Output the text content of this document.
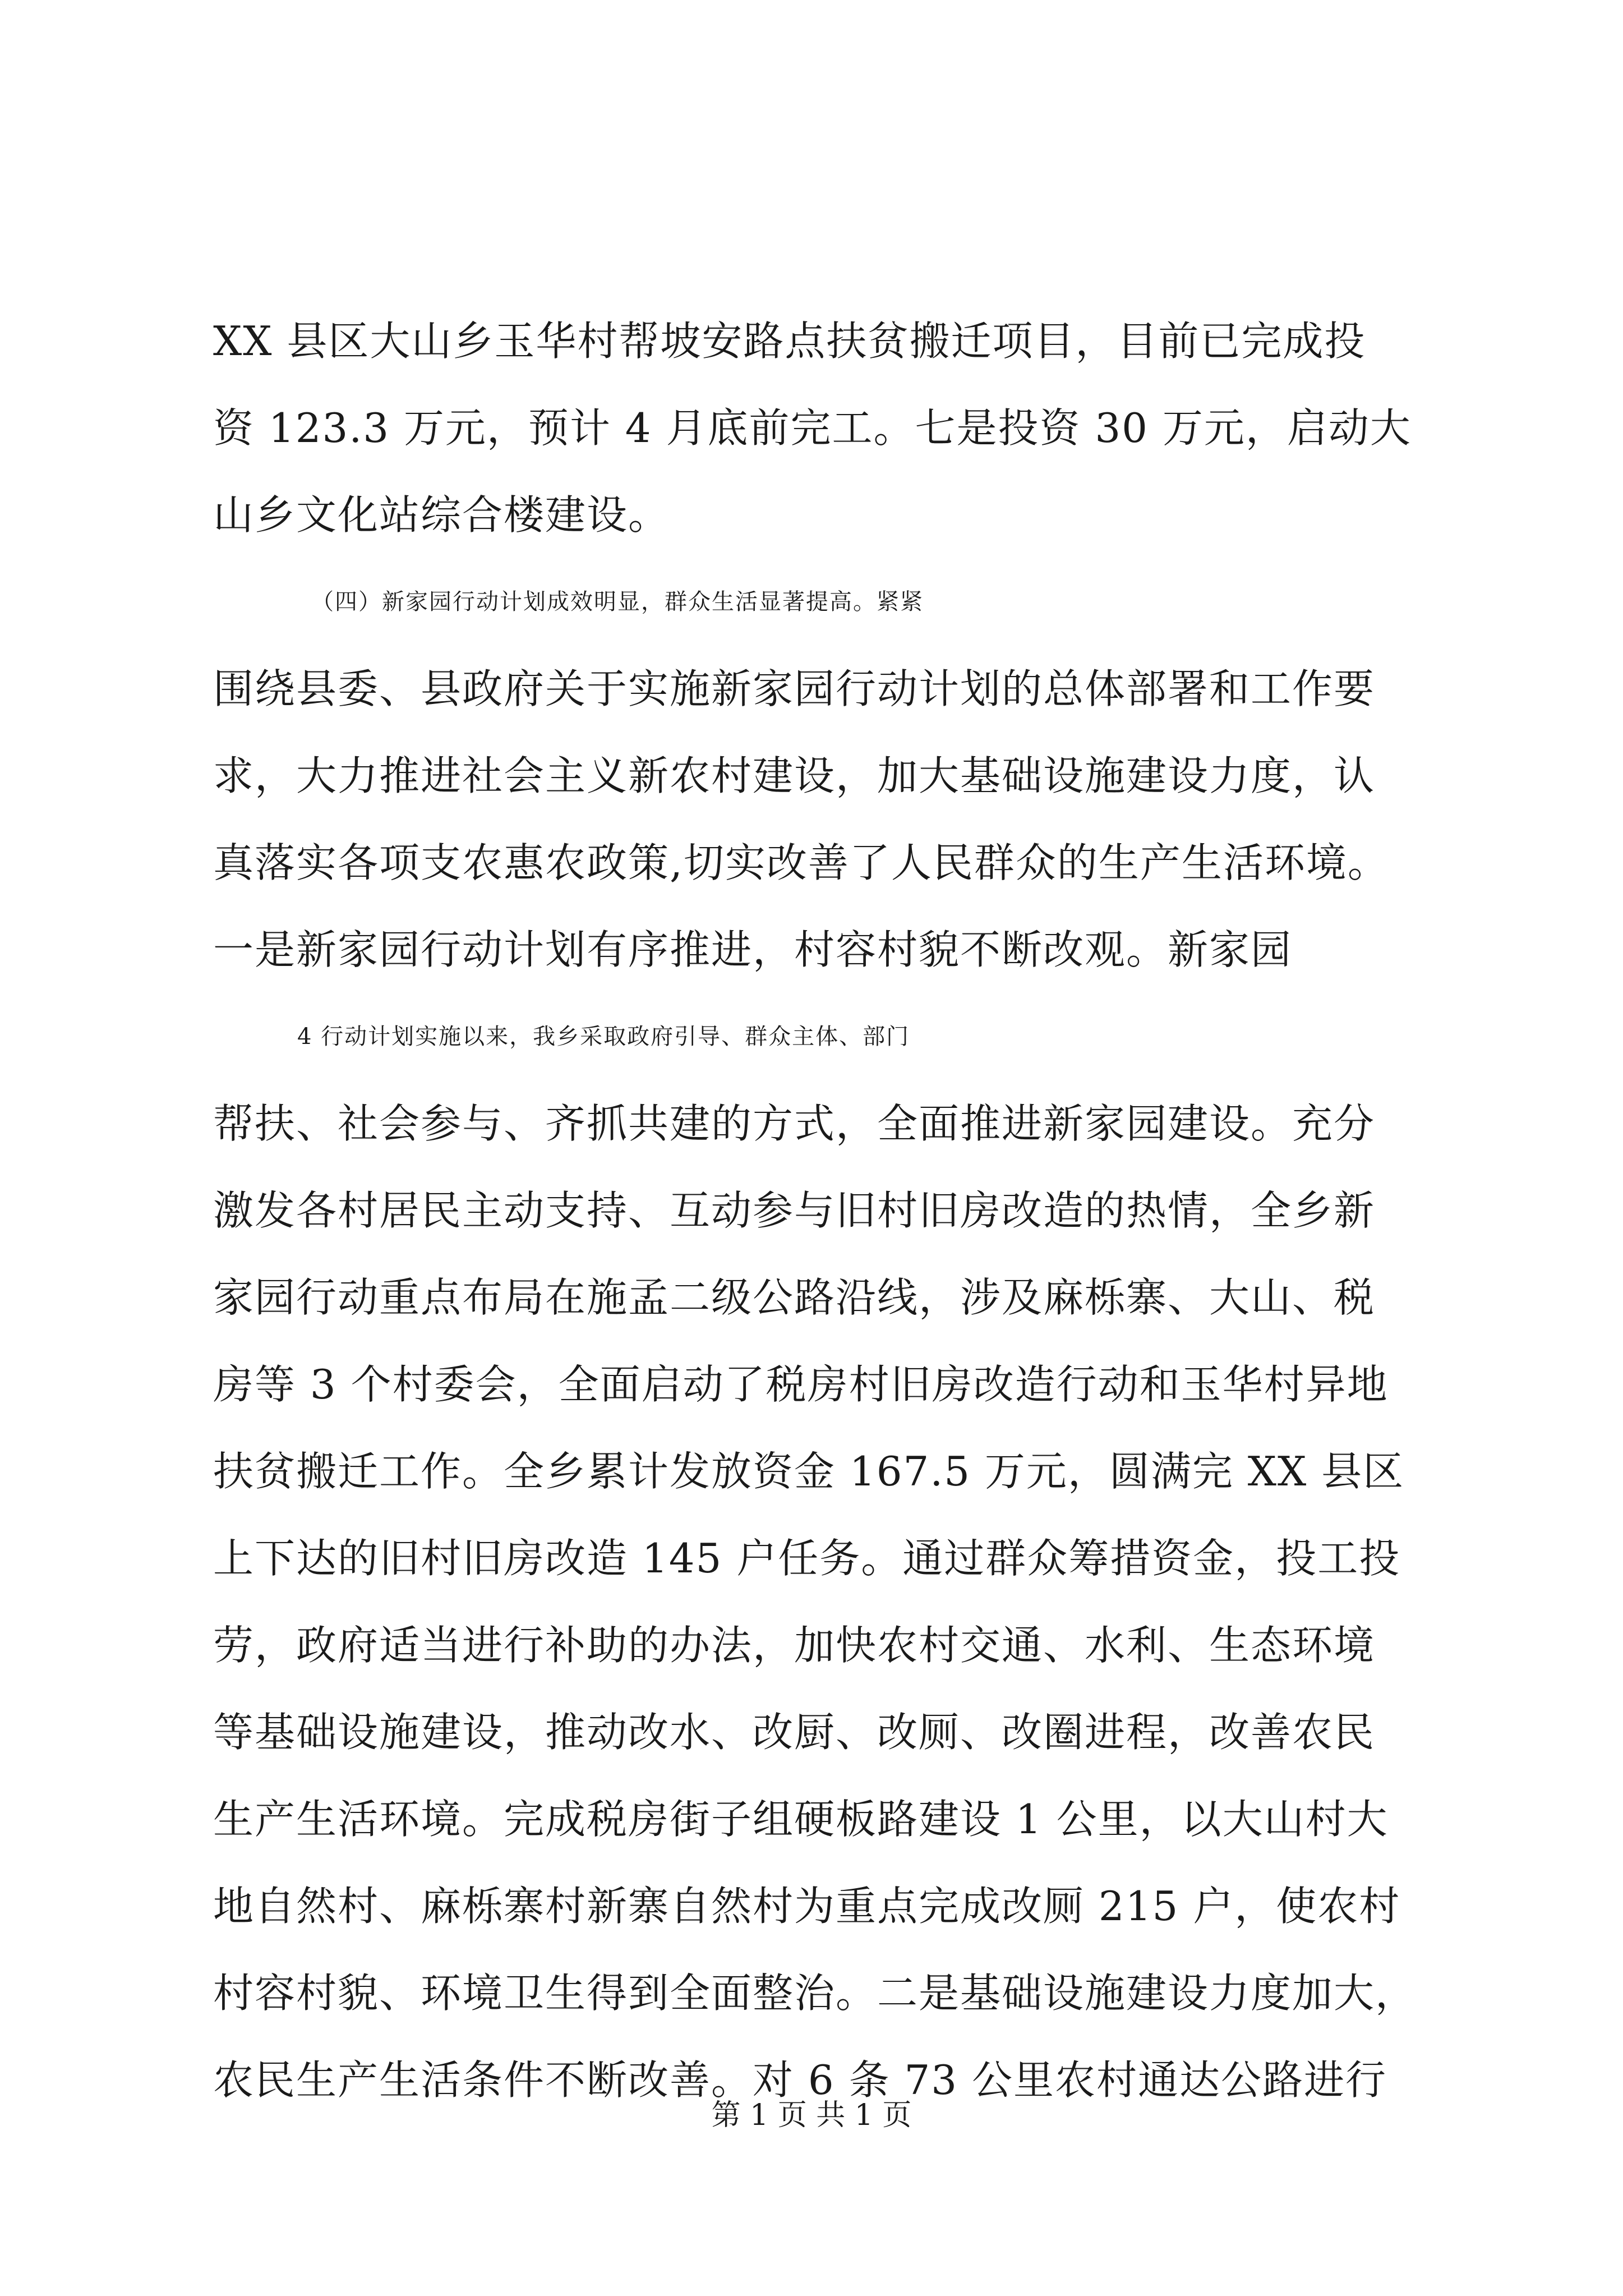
XX 县区大山乡玉华村帮坡安路点扶贫搬迁项目，目前已完成投
资 123.3 万元，预计 4 月底前完工。七是投资 30 万元，启动大
山乡文化站综合楼建设。
（四）新家园行动计划成效明显，群众生活显著提高。紧紧
围绕县委、县政府关于实施新家园行动计划的总体部署和工作要
求，大力推进社会主义新农村建设，加大基础设施建设力度，认
真落实各项支农惠农政策,切实改善了人民群众的生产生活环境。
一是新家园行动计划有序推进，村容村貌不断改观。新家园
4 行动计划实施以来，我乡采取政府引导、群众主体、部门
帮扶、社会参与、齐抓共建的方式，全面推进新家园建设。充分
激发各村居民主动支持、互动参与旧村旧房改造的热情，全乡新
家园行动重点布局在施孟二级公路沿线，涉及麻栎寨、大山、税
房等 3 个村委会，全面启动了税房村旧房改造行动和玉华村异地
扶贫搬迁工作。全乡累计发放资金 167.5 万元，圆满完 XX 县区
上下达的旧村旧房改造 145 户任务。通过群众筹措资金，投工投
劳，政府适当进行补助的办法，加快农村交通、水利、生态环境
等基础设施建设，推动改水、改厨、改厕、改圈进程，改善农民
生产生活环境。完成税房街子组硬板路建设 1 公里，以大山村大
地自然村、麻栎寨村新寨自然村为重点完成改厕 215 户，使农村
村容村貌、环境卫生得到全面整治。二是基础设施建设力度加大，
农民生产生活条件不断改善。对 6 条 73 公里农村通达公路进行
第 1 页 共 1 页
